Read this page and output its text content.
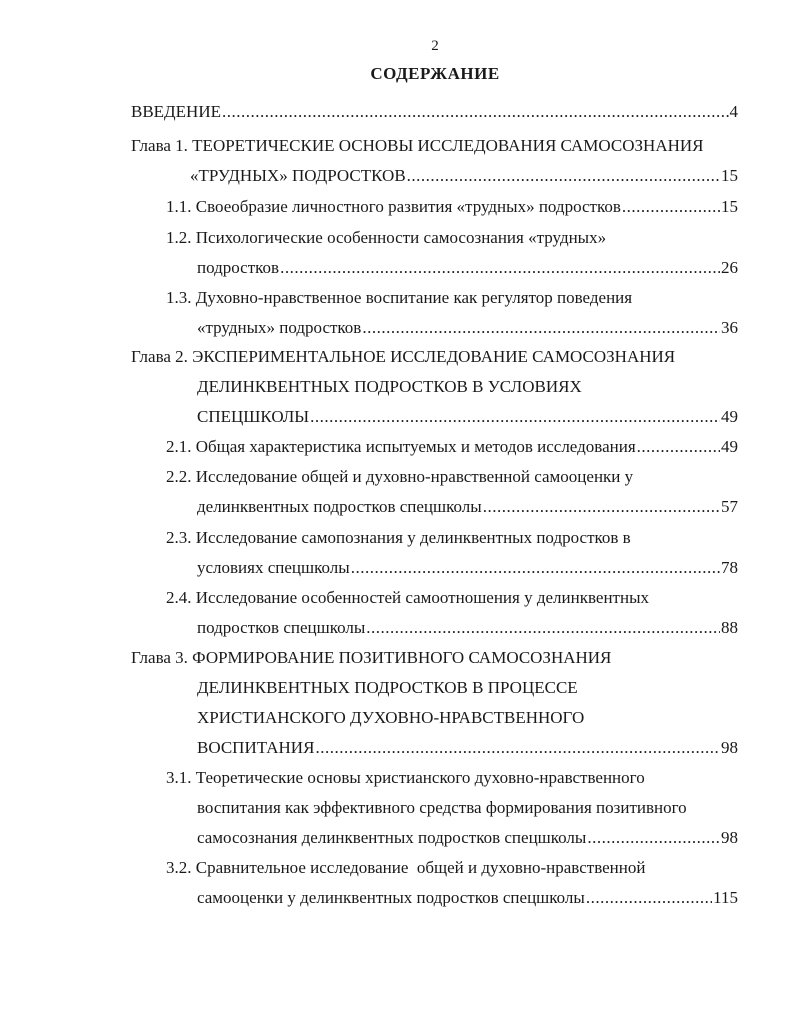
2
СОДЕРЖАНИЕ
ВВЕДЕНИЕ .....	4
Глава 1. ТЕОРЕТИЧЕСКИЕ ОСНОВЫ ИССЛЕДОВАНИЯ САМОСОЗНАНИЯ
«ТРУДНЫХ» ПОДРОСТКОВ .....	15
1.1. Своеобразие личностного развития «трудных» подростков .....	15
1.2. Психологические особенности самосознания «трудных»
подростков .....	26
1.3. Духовно-нравственное воспитание как регулятор поведения
«трудных» подростков .....	36
Глава 2. ЭКСПЕРИМЕНТАЛЬНОЕ ИССЛЕДОВАНИЕ САМОСОЗНАНИЯ
ДЕЛИНКВЕНТНЫХ ПОДРОСТКОВ В УСЛОВИЯХ
СПЕЦШКОЛЫ .....	49
2.1. Общая характеристика испытуемых и методов исследования .....	49
2.2. Исследование общей и духовно-нравственной самооценки у
делинквентных подростков спецшколы .....	57
2.3. Исследование самопознания у делинквентных подростков в
условиях спецшколы .....	78
2.4. Исследование особенностей самоотношения у делинквентных
подростков спецшколы .....	88
Глава 3. ФОРМИРОВАНИЕ ПОЗИТИВНОГО САМОСОЗНАНИЯ
ДЕЛИНКВЕНТНЫХ ПОДРОСТКОВ В ПРОЦЕССЕ
ХРИСТИАНСКОГО ДУХОВНО-НРАВСТВЕННОГО
ВОСПИТАНИЯ .....	98
3.1. Теоретические основы христианского духовно-нравственного
воспитания как эффективного средства формирования позитивного
самосознания делинквентных подростков спецшколы .....	98
3.2. Сравнительное исследование  общей и духовно-нравственной
самооценки у делинквентных подростков спецшколы .....	115
